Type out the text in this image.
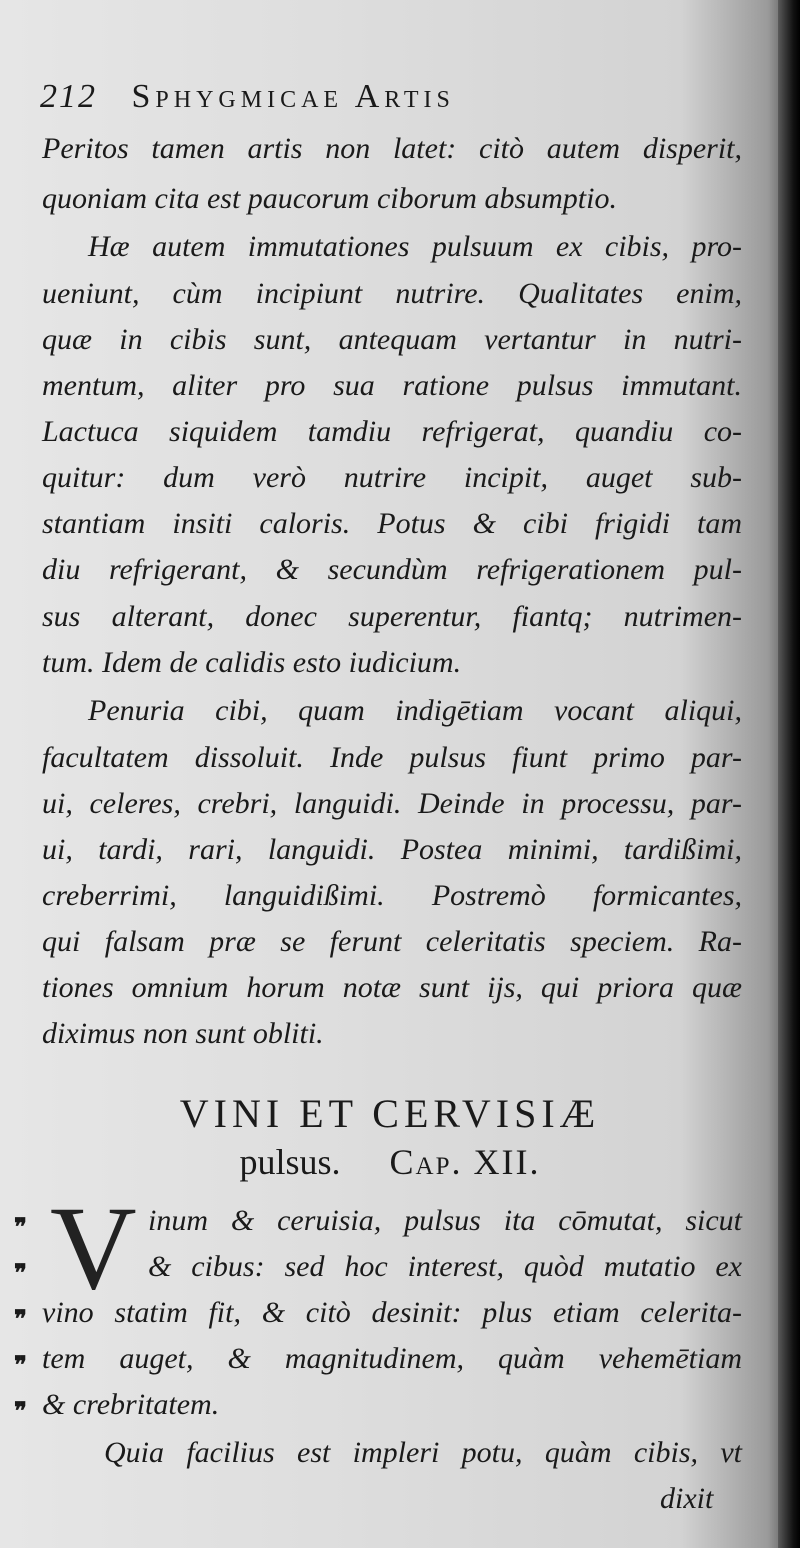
212 Sphygmicae Artis
Peritos tamen artis non latet: citò autem disperit,
quoniam cita est paucorum ciborum absumptio.
Hæ autem immutationes pulsuum ex cibis, pro-
ueniunt, cùm incipiunt nutrire. Qualitates enim,
quæ in cibis sunt, antequam vertantur in nutri-
mentum, aliter pro sua ratione pulsus immutant.
Lactuca siquidem tamdiu refrigerat, quandiu co-
quitur: dum verò nutrire incipit, auget sub-
stantiam insiti caloris. Potus & cibi frigidi tam
diu refrigerant, & secundùm refrigerationem pul-
sus alterant, donec superentur, fiantq; nutrimen-
tum. Idem de calidis esto iudicium.
Penuria cibi, quam indigētiam vocant aliqui,
facultatem dissoluit. Inde pulsus fiunt primo par-
ui, celeres, crebri, languidi. Deinde in processu, par-
ui, tardi, rari, languidi. Postea minimi, tardißimi,
creberrimi, languidißimi. Postremò formicantes,
qui falsam præ se ferunt celeritatis speciem. Ra-
tiones omnium horum notæ sunt ijs, qui priora quæ
diximus non sunt obliti.
VINI ET CERVISIÆ
pulsus. Cap. XII.
V
❞
❞
❞
❞
❞
inum & ceruisia, pulsus ita cōmutat, sicut
& cibus: sed hoc interest, quòd mutatio ex
vino statim fit, & citò desinit: plus etiam celerita-
tem auget, & magnitudinem, quàm vehemētiam
& crebritatem.
Quia facilius est impleri potu, quàm cibis, vt
dixit
